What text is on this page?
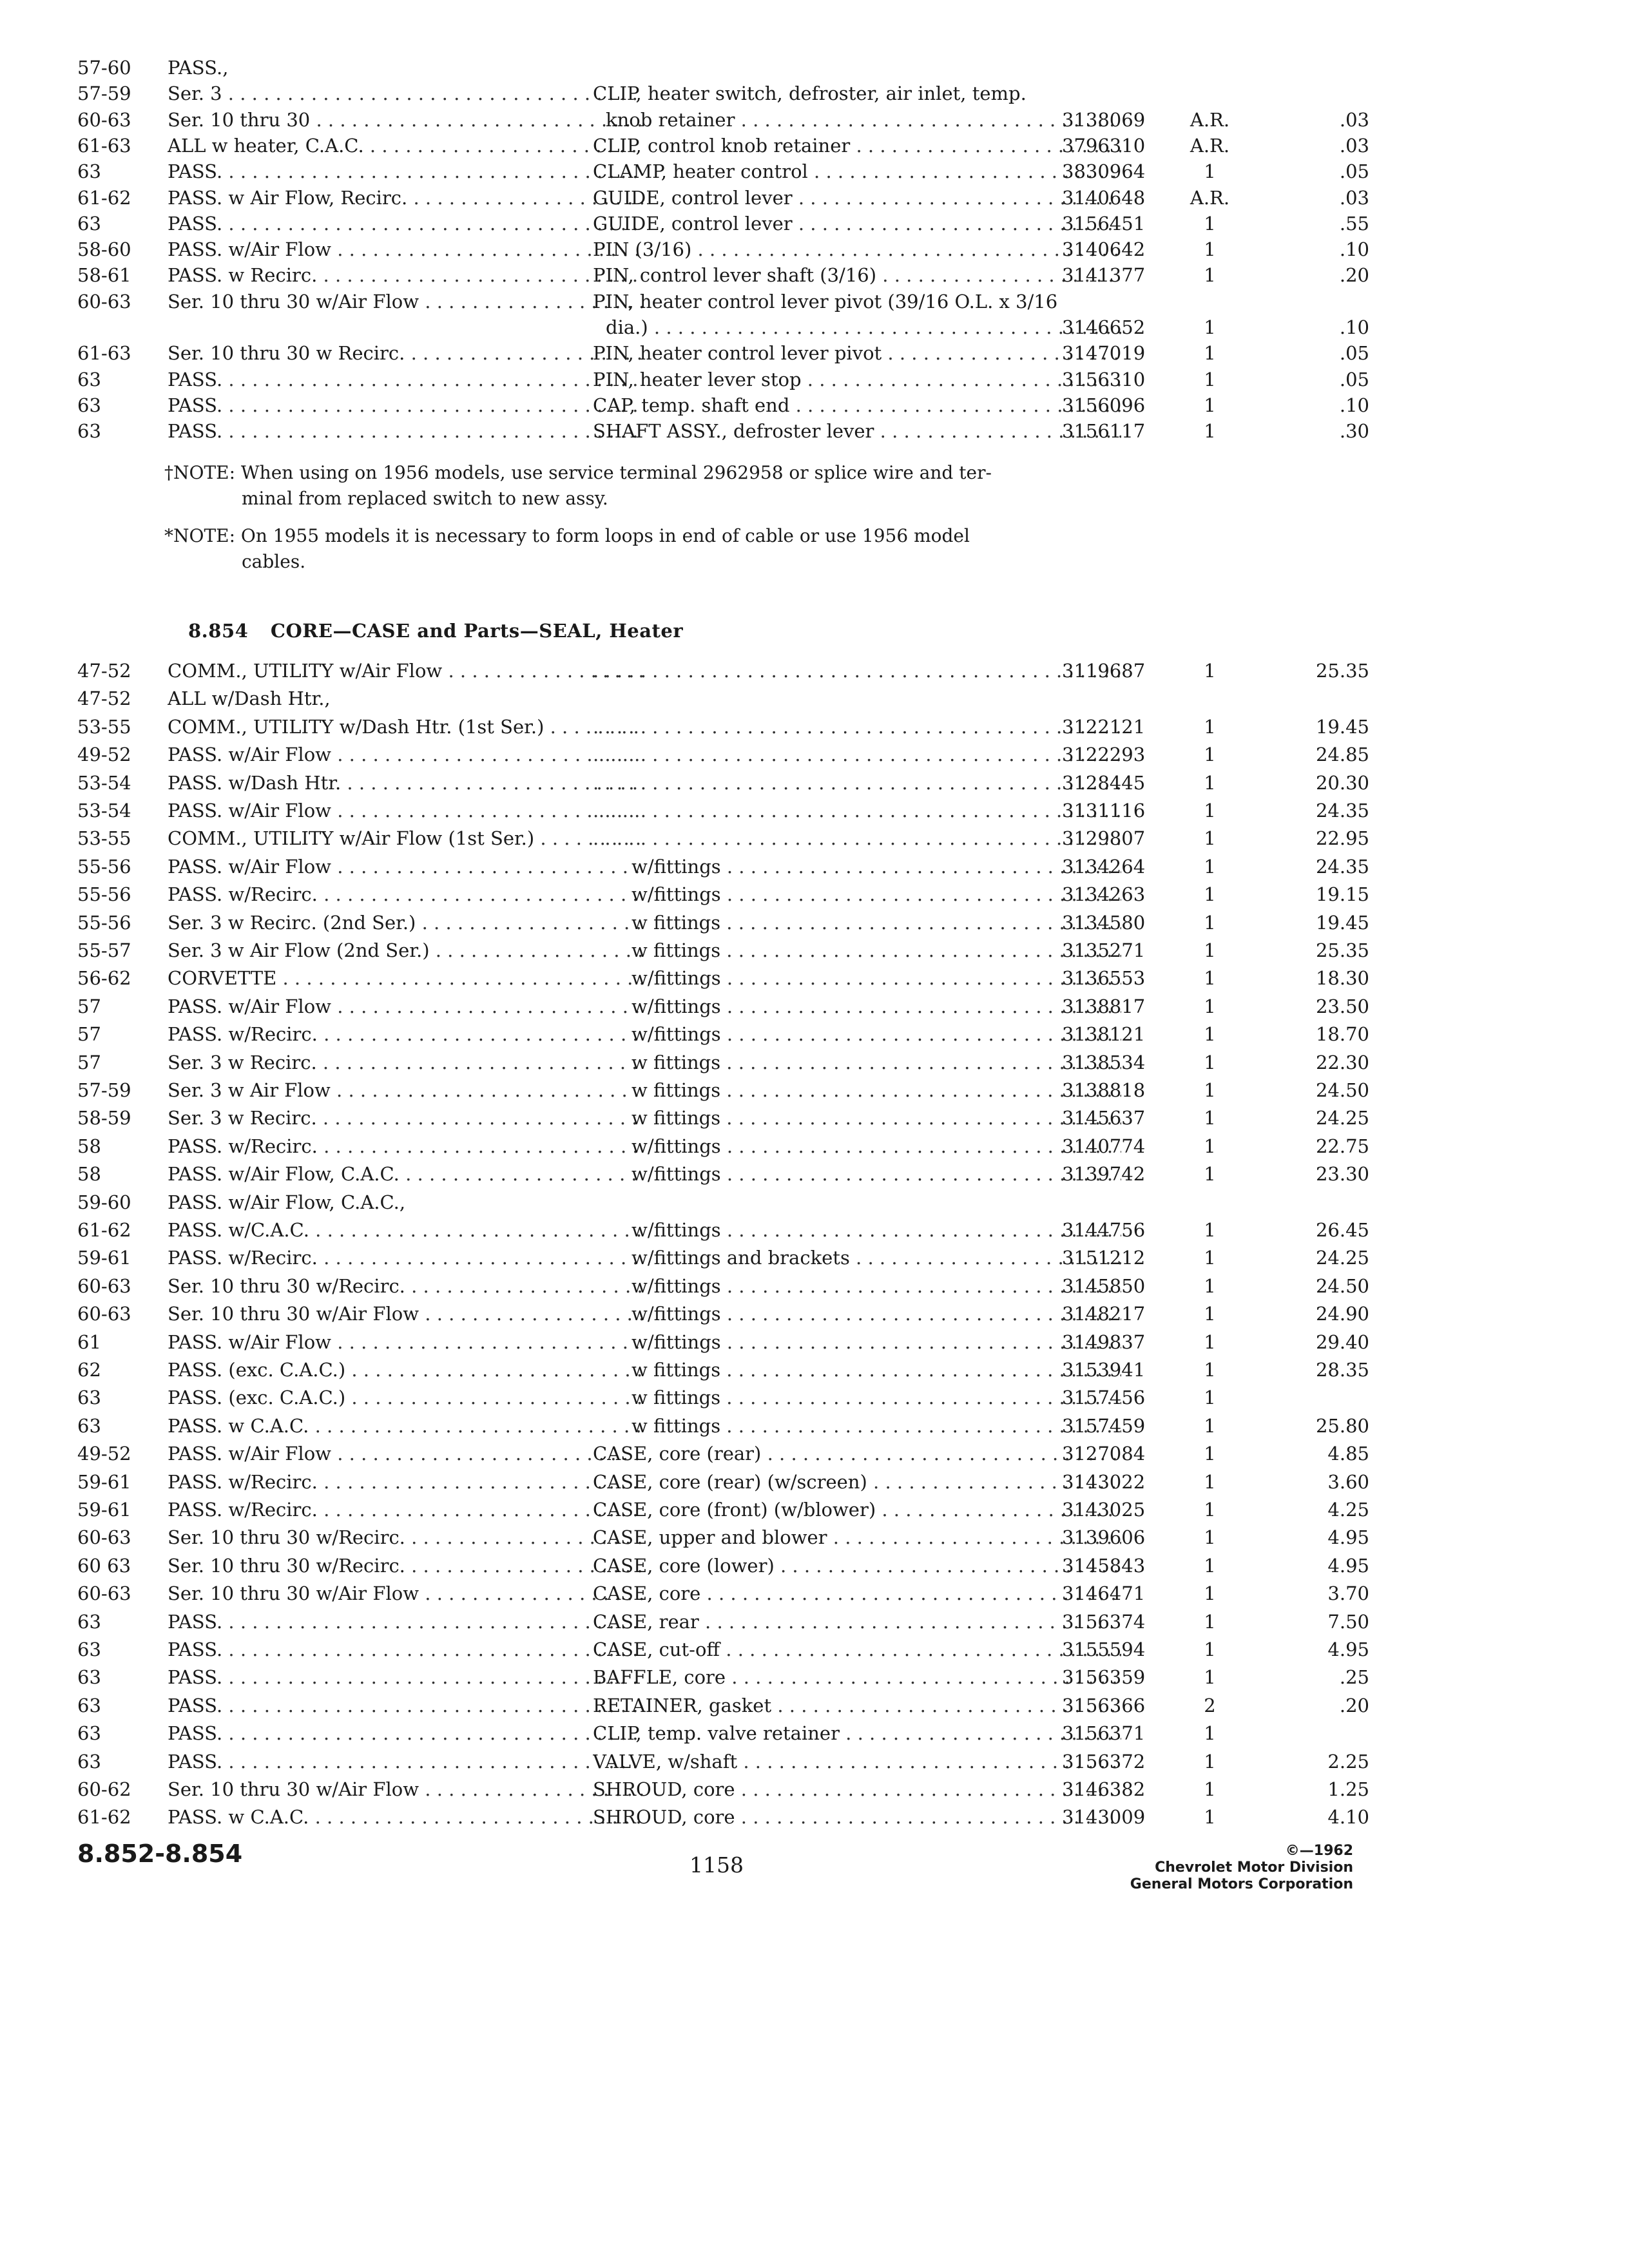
57-60	PASS.,
57-59	Ser. 3 . . .	CLIP, heater switch, defroster, air inlet, temp.
60-63	Ser. 10 thru 30 . . .	knob retainer . . .	3138069	A.R.	.03
61-63	ALL w heater, C.A.C. . . .	CLIP, control knob retainer . . .	3796310	A.R.	.03
63	PASS. . . .	CLAMP, heater control . . .	3830964	1	.05
61-62	PASS. w Air Flow, Recirc. . . .	GUIDE, control lever . . .	3140648	A.R.	.03
63	PASS. . . .	GUIDE, control lever . . .	3156451	1	.55
58-60	PASS. w/Air Flow . . .	PIN (3/16) . . .	3140642	1	.10
58-61	PASS. w Recirc. . . .	PIN, control lever shaft (3/16) . . .	3141377	1	.20
60-63	Ser. 10 thru 30 w/Air Flow . . .	PIN, heater control lever pivot (39/16 O.L. x 3/16
dia.) . . .	3146652	1	.10
61-63	Ser. 10 thru 30 w Recirc. . . .	PIN, heater control lever pivot . . .	3147019	1	.05
63	PASS. . . .	PIN, heater lever stop . . .	3156310	1	.05
63	PASS. . . .	CAP, temp. shaft end . . .	3156096	1	.10
63	PASS. . . .	SHAFT ASSY., defroster lever . . .	3156117	1	.30
†NOTE: When using on 1956 models, use service terminal 2962958 or splice wire and ter-
minal from replaced switch to new assy.
*NOTE: On 1955 models it is necessary to form loops in end of cable or use 1956 model
cables.
8.854 CORE—CASE and Parts—SEAL, Heater
47-52	COMM., UTILITY w/Air Flow . . . . . .	3119687	1	25.35
47-52	ALL w/Dash Htr.,
53-55	COMM., UTILITY w/Dash Htr. (1st Ser.) . . . . . .	3122121	1	19.45
49-52	PASS. w/Air Flow . . . . . .	3122293	1	24.85
53-54	PASS. w/Dash Htr. . . . . . .	3128445	1	20.30
53-54	PASS. w/Air Flow . . . . . .	3131116	1	24.35
53-55	COMM., UTILITY w/Air Flow (1st Ser.) . . . . . .	3129807	1	22.95
55-56	PASS. w/Air Flow . . .	w/fittings . . .	3134264	1	24.35
55-56	PASS. w/Recirc. . . .	w/fittings . . .	3134263	1	19.15
55-56	Ser. 3 w Recirc. (2nd Ser.) . . .	w fittings . . .	3134580	1	19.45
55-57	Ser. 3 w Air Flow (2nd Ser.) . . .	w fittings . . .	3135271	1	25.35
56-62	CORVETTE . . .	w/fittings . . .	3136553	1	18.30
57	PASS. w/Air Flow . . .	w/fittings . . .	3138817	1	23.50
57	PASS. w/Recirc. . . .	w/fittings . . .	3138121	1	18.70
57	Ser. 3 w Recirc. . . .	w fittings . . .	3138534	1	22.30
57-59	Ser. 3 w Air Flow . . .	w fittings . . .	3138818	1	24.50
58-59	Ser. 3 w Recirc. . . .	w fittings . . .	3145637	1	24.25
58	PASS. w/Recirc. . . .	w/fittings . . .	3140774	1	22.75
58	PASS. w/Air Flow, C.A.C. . . .	w/fittings . . .	3139742	1	23.30
59-60	PASS. w/Air Flow, C.A.C.,
61-62	PASS. w/C.A.C. . . .	w/fittings . . .	3144756	1	26.45
59-61	PASS. w/Recirc. . . .	w/fittings and brackets . . .	3151212	1	24.25
60-63	Ser. 10 thru 30 w/Recirc. . . .	w/fittings . . .	3145850	1	24.50
60-63	Ser. 10 thru 30 w/Air Flow . . .	w/fittings . . .	3148217	1	24.90
61	PASS. w/Air Flow . . .	w/fittings . . .	3149837	1	29.40
62	PASS. (exc. C.A.C.) . . .	w fittings . . .	3153941	1	28.35
63	PASS. (exc. C.A.C.) . . .	w fittings . . .	3157456	1
63	PASS. w C.A.C. . . .	w fittings . . .	3157459	1	25.80
49-52	PASS. w/Air Flow . . .	CASE, core (rear) . . .	3127084	1	4.85
59-61	PASS. w/Recirc. . . .	CASE, core (rear) (w/screen) . . .	3143022	1	3.60
59-61	PASS. w/Recirc. . . .	CASE, core (front) (w/blower) . . .	3143025	1	4.25
60-63	Ser. 10 thru 30 w/Recirc. . . .	CASE, upper and blower . . .	3139606	1	4.95
60 63	Ser. 10 thru 30 w/Recirc. . . .	CASE, core (lower) . . .	3145843	1	4.95
60-63	Ser. 10 thru 30 w/Air Flow . . .	CASE, core . . .	3146471	1	3.70
63	PASS. . . .	CASE, rear . . .	3156374	1	7.50
63	PASS. . . .	CASE, cut-off . . .	3155594	1	4.95
63	PASS. . . .	BAFFLE, core . . .	3156359	1	.25
63	PASS. . . .	RETAINER, gasket . . .	3156366	2	.20
63	PASS. . . .	CLIP, temp. valve retainer . . .	3156371	1
63	PASS. . . .	VALVE, w/shaft . . .	3156372	1	2.25
60-62	Ser. 10 thru 30 w/Air Flow . . .	SHROUD, core . . .	3146382	1	1.25
61-62	PASS. w C.A.C. . . .	SHROUD, core . . .	3143009	1	4.10
8.852-8.854	1158
©—1962
Chevrolet Motor Division
General Motors Corporation
